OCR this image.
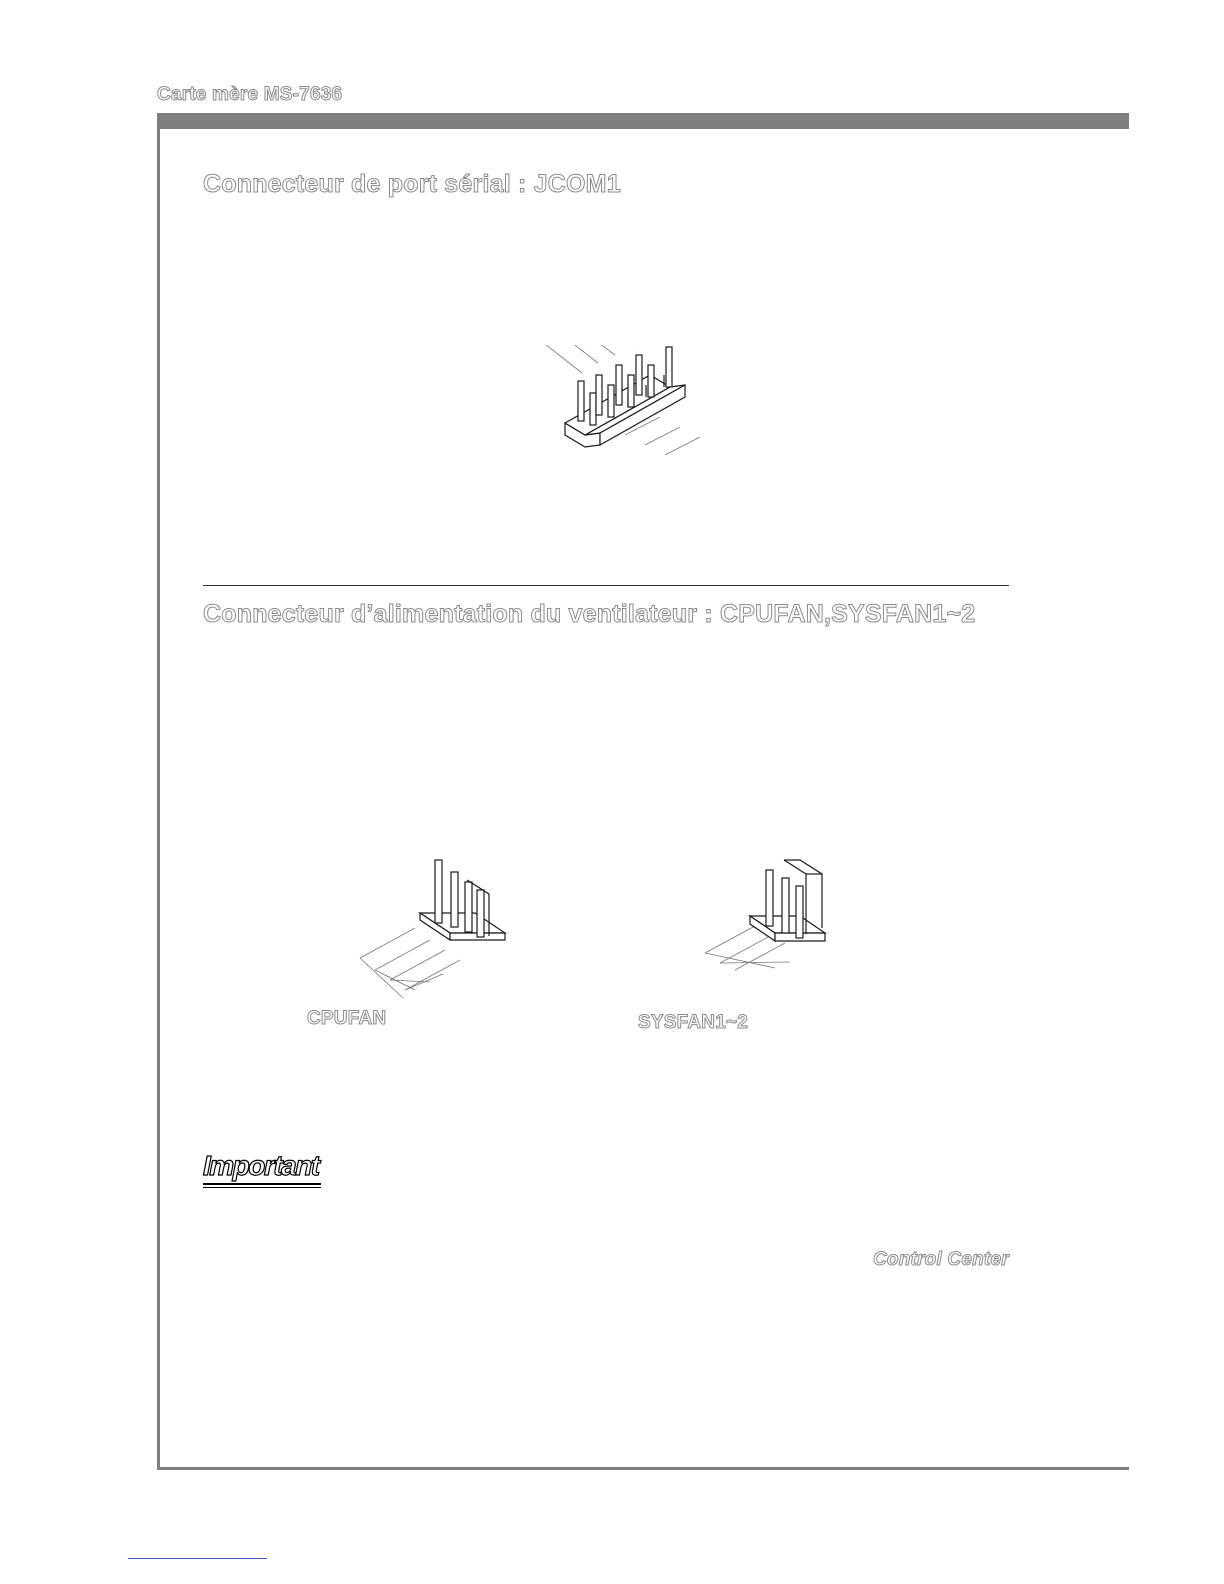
Carte mère MS-7636
Connecteur de port sérial : JCOM1
Connecteur d’alimentation du ventilateur : CPUFAN,SYSFAN1~2
CPUFAN	SYSFAN1~2
Important
Control Center
